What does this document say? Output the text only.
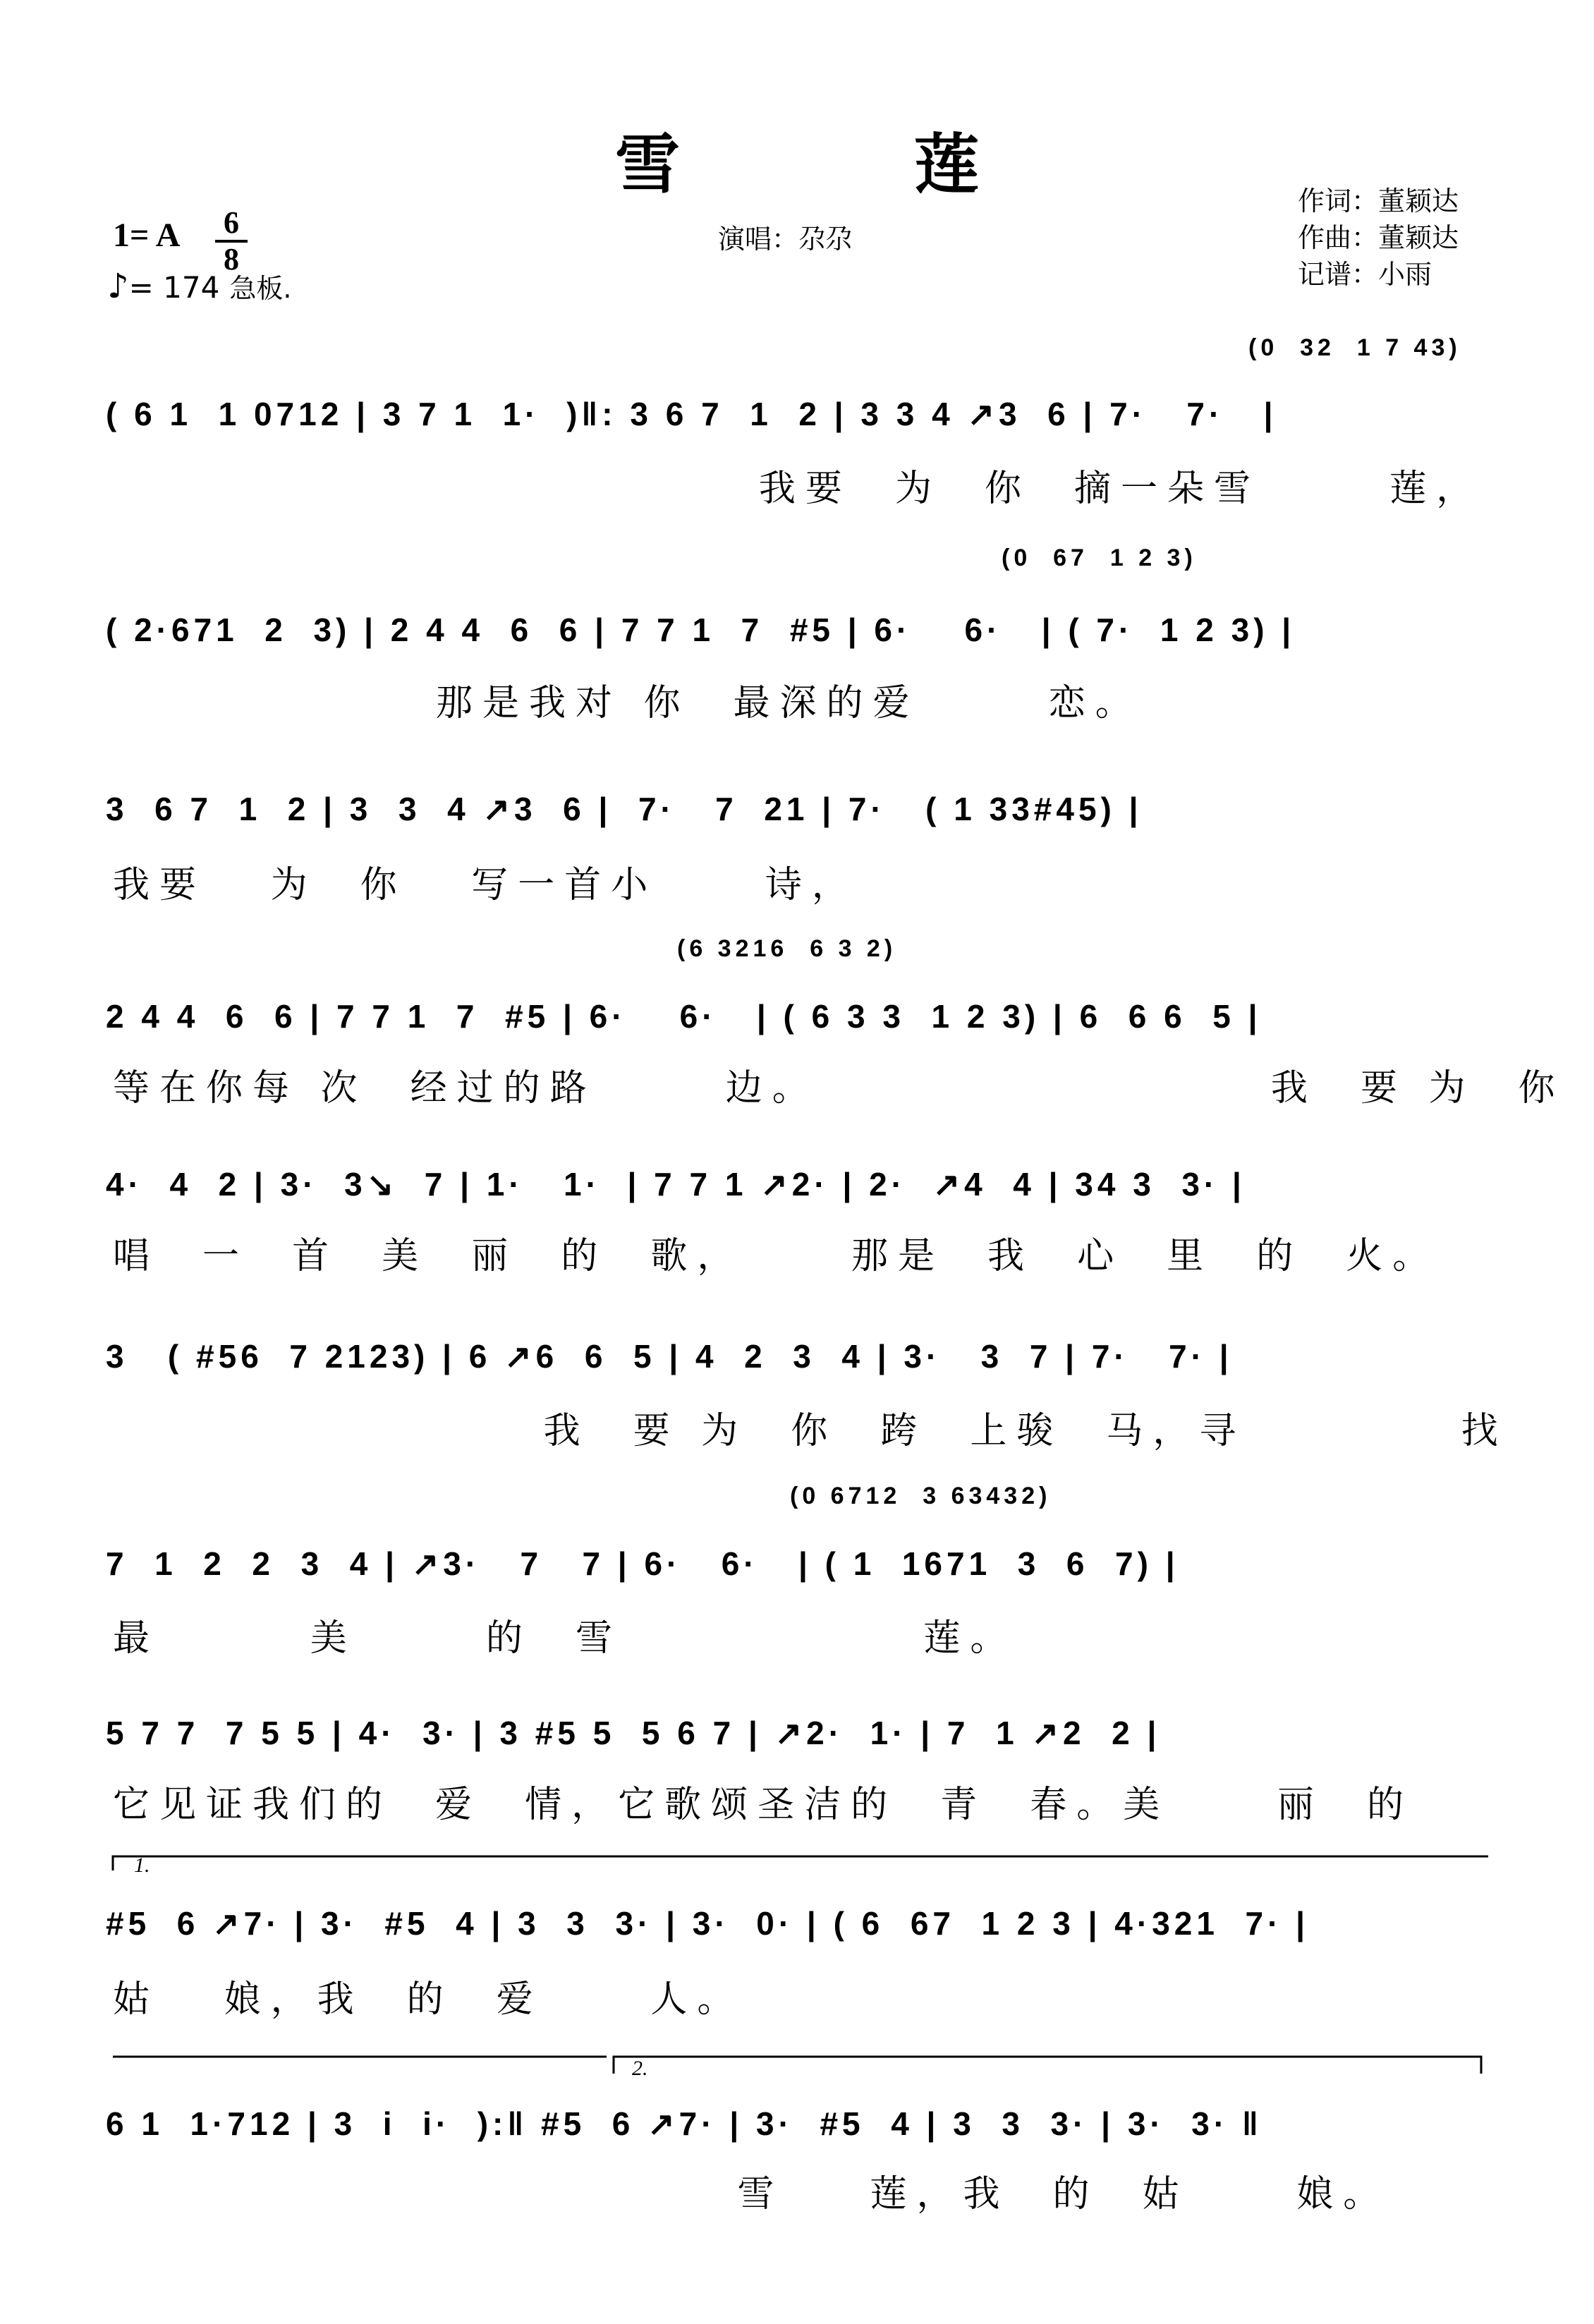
雪 莲
1= A 6
8
♪= 174 急板.
演唱：尕尕
作词：董颖达
作曲：董颖达
记谱：小雨
(0  32  1 7 43)
( 6 1  1 0712 | 3 7 1  1·  )‖: 3 6 7  1  2 | 3 3 4 ↗3  6 | 7·   7·   |
我要  为  你  摘一朵雪      莲，
(0  67  1 2 3)
( 2·671  2  3) | 2 4 4  6  6 | 7 7 1  7  #5 | 6·    6·   | ( 7·  1 2 3) |
那是我对 你  最深的爱      恋。
3  6 7  1  2 | 3  3  4 ↗3  6 |  7·   7  21 | 7·   ( 1 33#45) |
我要   为  你   写一首小     诗，
(6 3216  6 3 2)
2 4 4  6  6 | 7 7 1  7  #5 | 6·    6·   | ( 6 3 3  1 2 3) | 6  6 6  5 |
等在你每 次  经过的路      边。                     我  要 为  你
4·  4  2 | 3·  3↘  7 | 1·   1·  | 7 7 1 ↗2· | 2·  ↗4  4 | 34 3  3· |
唱  一  首  美  丽  的  歌，     那是  我  心  里  的  火。
3   ( #56  7 2123) | 6 ↗6  6  5 | 4  2  3  4 | 3·   3  7 | 7·   7· |
我  要 为  你  跨  上骏  马，寻          找
(0 6712  3 63432)
7  1  2  2  3  4 | ↗3·   7   7 | 6·   6·   | ( 1  1671  3  6  7) |
最       美      的  雪              莲。
5 7 7  7 5 5 | 4·  3· | 3 #5 5  5 6 7 | ↗2·  1· | 7  1 ↗2  2 |
它见证我们的  爱  情，它歌颂圣洁的  青  春。美     丽  的
1.
#5  6 ↗7· | 3·  #5  4 | 3  3  3· | 3·  0· | ( 6  67  1 2 3 | 4·321  7· |
姑   娘，我  的  爱     人。
2.
6 1  1·712 | 3  i  i·  ):‖ #5  6 ↗7· | 3·  #5  4 | 3  3  3· | 3·  3· ‖
雪    莲，我  的  姑     娘。
